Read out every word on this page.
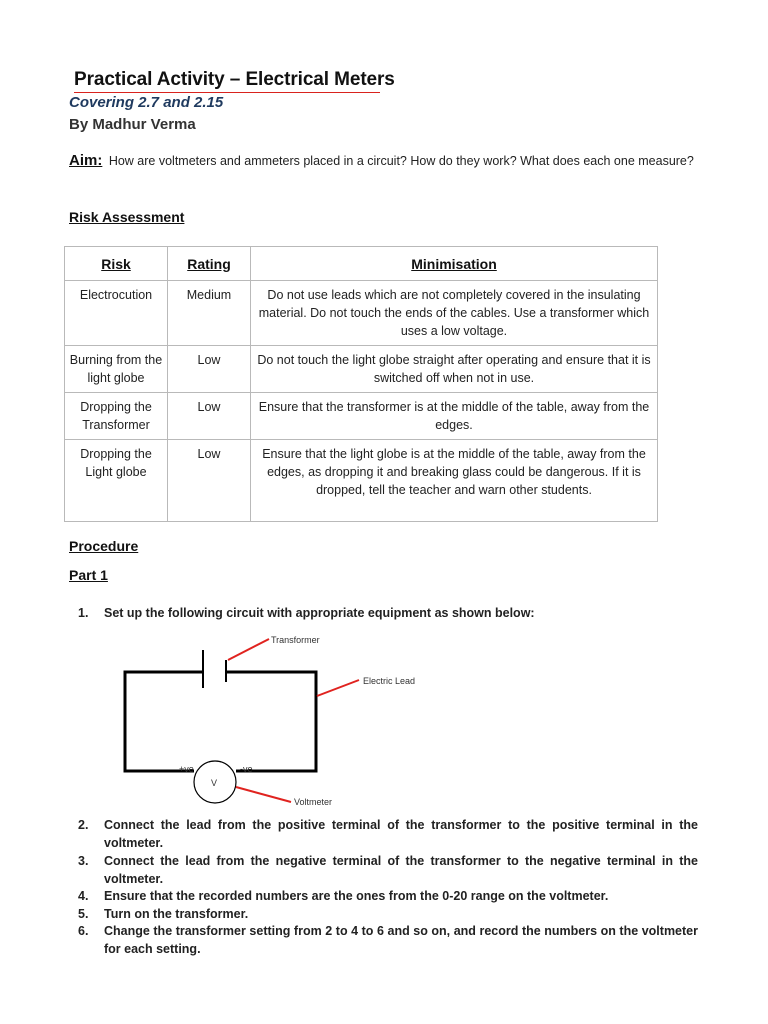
Practical Activity – Electrical Meters
Covering 2.7 and 2.15
By Madhur Verma
Aim: How are voltmeters and ammeters placed in a circuit? How do they work? What does each one measure?
Risk Assessment
Risk	Rating	Minimisation
Electrocution	Medium	Do not use leads which are not completely covered in the insulating material. Do not touch the ends of the cables. Use a transformer which uses a low voltage.
Burning from the light globe	Low	Do not touch the light globe straight after operating and ensure that it is switched off when not in use.
Dropping the Transformer	Low	Ensure that the transformer is at the middle of the table, away from the edges.
Dropping the Light globe	Low	Ensure that the light globe is at the middle of the table, away from the edges, as dropping it and breaking glass could be dangerous. If it is dropped, tell the teacher and warn other students.
Procedure
Part 1
1. Set up the following circuit with appropriate equipment as shown below:
2. Connect the lead from the positive terminal of the transformer to the positive terminal in the voltmeter.
3. Connect the lead from the negative terminal of the transformer to the negative terminal in the voltmeter.
4. Ensure that the recorded numbers are the ones from the 0-20 range on the voltmeter.
5. Turn on the transformer.
6. Change the transformer setting from 2 to 4 to 6 and so on, and record the numbers on the voltmeter for each setting.
V
+ve	-ve
Transformer
Electric Lead
Voltmeter
